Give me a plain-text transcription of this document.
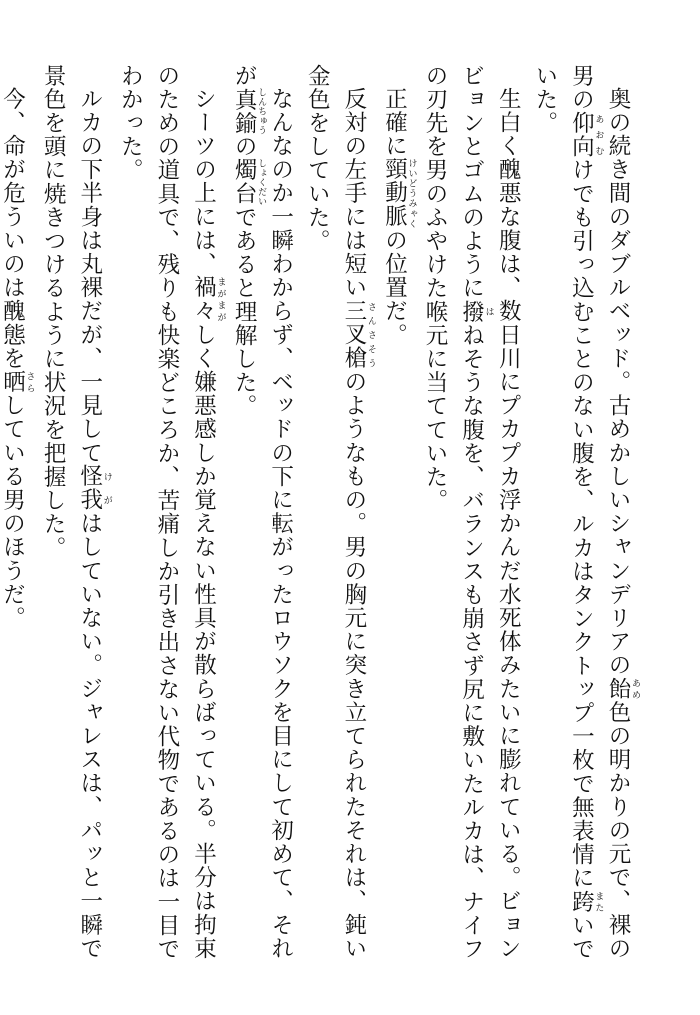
奥の続き間のダブルベッド。古めかしいシャンデリアの飴 あめ色の明かりの元で、裸の男の仰向 あおむけでも引っ込むことのない腹を、ルカはタンクトップ一枚で無表情に跨 またいでいた。

生白く醜悪な腹は、数日川にプカプカ浮かんだ水死体みたいに膨れている。ビョンビョンとゴムのように撥 はねそうな腹を、バランスも崩さず尻に敷いたルカは、ナイフの刃先を男のふやけた喉元に当てていた。

正確に頸動脈 けいどうみゃくの位置だ。

反対の左手には短い三叉槍 さんさそうのようなもの。男の胸元に突き立てられたそれは、鈍い金色をしていた。

なんなのか一瞬わからず、ベッドの下に転がったロウソクを目にして初めて、それが真鍮 しんちゅうの燭台 しょくだいであると理解した。

シーツの上には、禍々 まがまがしく嫌悪感しか覚えない性具が散らばっている。半分は拘束のための道具で、残りも快楽どころか、苦痛しか引き出さない代物であるのは一目でわかった。

ルカの下半身は丸裸だが、一見して怪我 けがはしていない。ジャレスは、パッと一瞬で景色を頭に焼きつけるように状況を把握した。

今、命が危ういのは醜態を晒 さらしている男のほうだ。
